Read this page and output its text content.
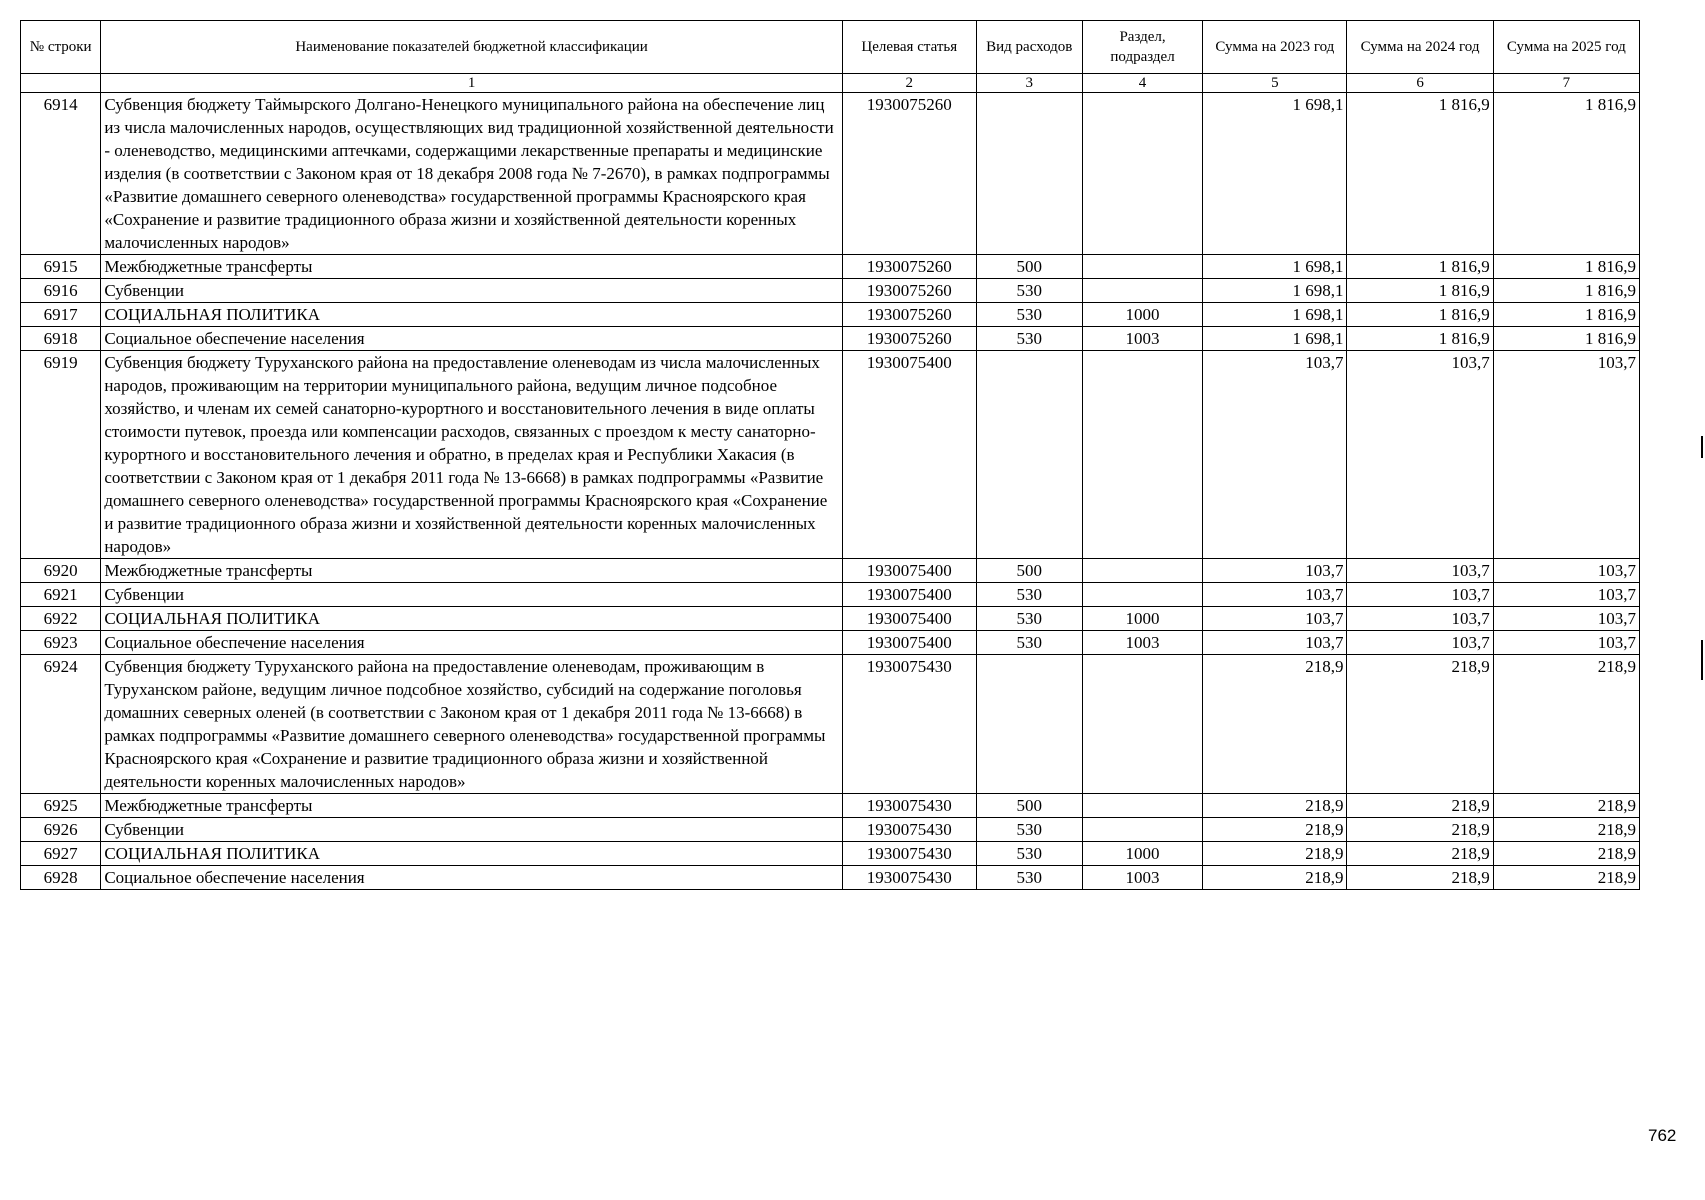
№ строки	Наименование показателей бюджетной классификации	Целевая статья	Вид расходов	Раздел, подраздел	Сумма на 2023 год	Сумма на 2024 год	Сумма на 2025 год
	1	2	3	4	5	6	7
6914	Субвенция бюджету Таймырского Долгано-Ненецкого муниципального района на обеспечение лиц из числа малочисленных народов, осуществляющих вид традиционной хозяйственной деятельности - оленеводство, медицинскими аптечками, содержащими лекарственные препараты и медицинские изделия (в соответствии с Законом края от 18 декабря 2008 года № 7-2670), в рамках подпрограммы «Развитие домашнего северного оленеводства» государственной программы Красноярского края «Сохранение и развитие традиционного образа жизни и хозяйственной деятельности коренных малочисленных народов»	1930075260			1 698,1	1 816,9	1 816,9
6915	Межбюджетные трансферты	1930075260	500		1 698,1	1 816,9	1 816,9
6916	Субвенции	1930075260	530		1 698,1	1 816,9	1 816,9
6917	СОЦИАЛЬНАЯ ПОЛИТИКА	1930075260	530	1000	1 698,1	1 816,9	1 816,9
6918	Социальное обеспечение населения	1930075260	530	1003	1 698,1	1 816,9	1 816,9
6919	Субвенция бюджету Туруханского района на предоставление оленеводам из числа малочисленных народов, проживающим на территории муниципального района, ведущим личное подсобное хозяйство, и членам их семей санаторно-курортного и восстановительного лечения в виде оплаты стоимости путевок, проезда или компенсации расходов, связанных с проездом к месту санаторно-курортного и восстановительного лечения и обратно, в пределах края и Республики Хакасия (в соответствии с Законом края от 1 декабря 2011 года № 13-6668) в рамках подпрограммы «Развитие домашнего северного оленеводства» государственной программы Красноярского края «Сохранение и развитие традиционного образа жизни и хозяйственной деятельности коренных малочисленных народов»	1930075400			103,7	103,7	103,7
6920	Межбюджетные трансферты	1930075400	500		103,7	103,7	103,7
6921	Субвенции	1930075400	530		103,7	103,7	103,7
6922	СОЦИАЛЬНАЯ ПОЛИТИКА	1930075400	530	1000	103,7	103,7	103,7
6923	Социальное обеспечение населения	1930075400	530	1003	103,7	103,7	103,7
6924	Субвенция бюджету Туруханского района на предоставление оленеводам, проживающим в Туруханском районе, ведущим личное подсобное хозяйство, субсидий на содержание поголовья домашних северных оленей (в соответствии с Законом края от 1 декабря 2011 года № 13-6668) в рамках подпрограммы «Развитие домашнего северного оленеводства» государственной программы Красноярского края «Сохранение и развитие традиционного образа жизни и хозяйственной деятельности коренных малочисленных народов»	1930075430			218,9	218,9	218,9
6925	Межбюджетные трансферты	1930075430	500		218,9	218,9	218,9
6926	Субвенции	1930075430	530		218,9	218,9	218,9
6927	СОЦИАЛЬНАЯ ПОЛИТИКА	1930075430	530	1000	218,9	218,9	218,9
6928	Социальное обеспечение населения	1930075430	530	1003	218,9	218,9	218,9
762
